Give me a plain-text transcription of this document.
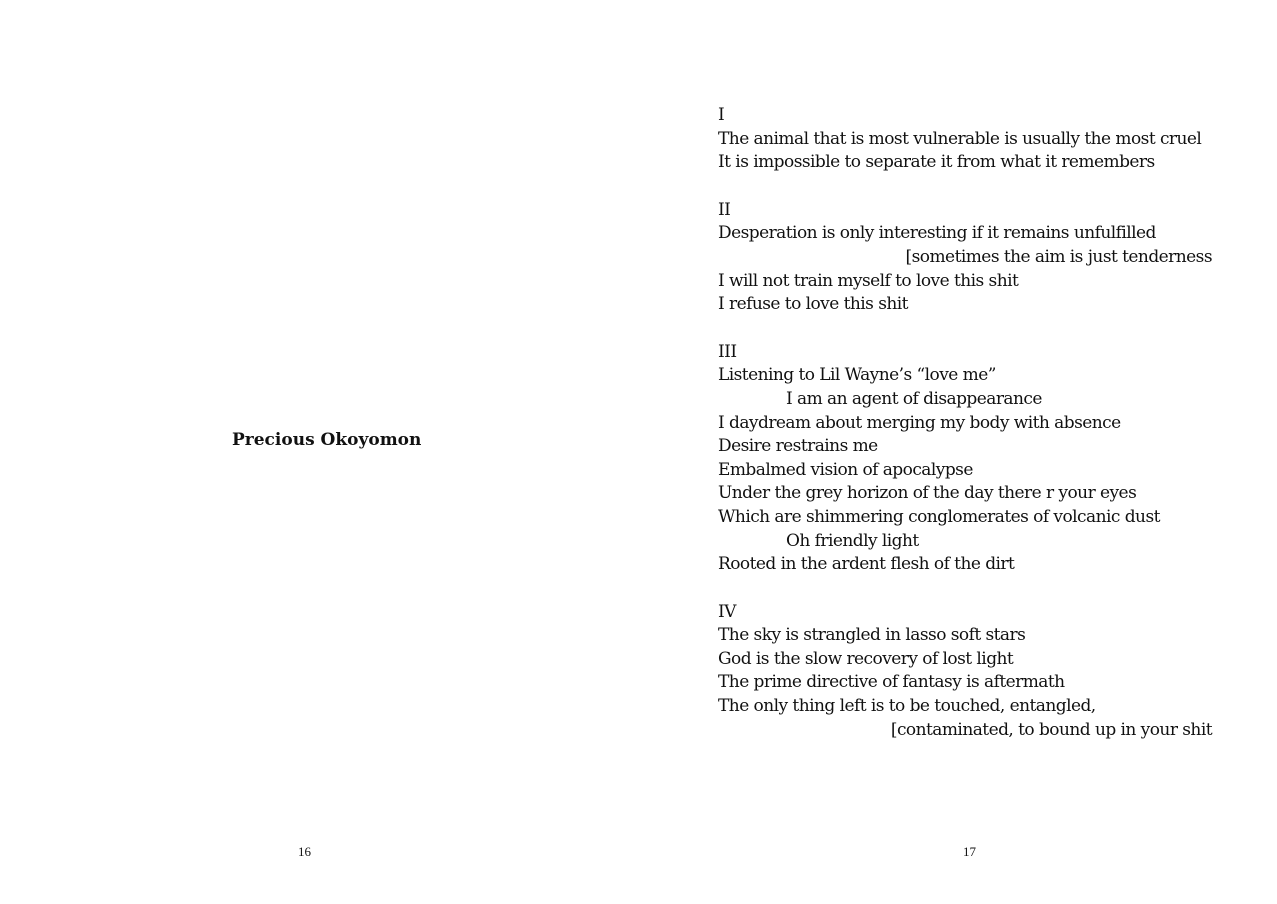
Precious Okoyomon
16
I
The animal that is most vulnerable is usually the most cruel
It is impossible to separate it from what it remembers
II
Desperation is only interesting if it remains unfulfilled
[sometimes the aim is just tenderness
I will not train myself to love this shit
I refuse to love this shit
III
Listening to Lil Wayne’s “love me”
I am an agent of disappearance
I daydream about merging my body with absence
Desire restrains me
Embalmed vision of apocalypse
Under the grey horizon of the day there r your eyes
Which are shimmering conglomerates of volcanic dust
Oh friendly light
Rooted in the ardent flesh of the dirt
IV
The sky is strangled in lasso soft stars
God is the slow recovery of lost light
The prime directive of fantasy is aftermath
The only thing left is to be touched, entangled,
[contaminated, to bound up in your shit
17
